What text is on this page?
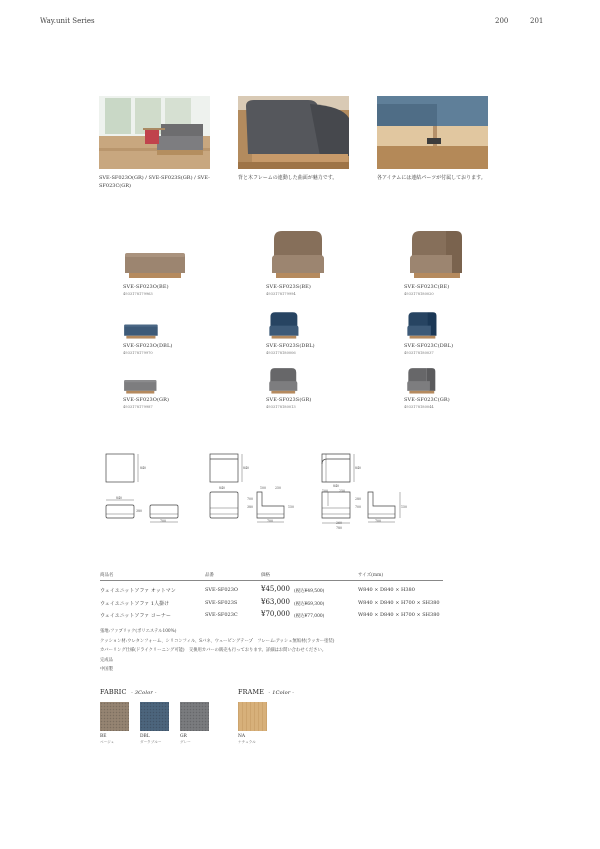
Way.unit Series	200	201
SVE-SF023O(GR) / SVE-SF023S(GR) / SVE-SF023C(GR)
背と木フレームの連動した曲面が魅力です。	各アイテムには連結パーツが付属しております。
SVE-SF023O(BE)
4933178179963
SVE-SF023S(BE)
4933178179994
SVE-SF023C(BE)
4933178180020
SVE-SF023O(DBL)
4933178179970
SVE-SF023S(DBL)
4933178180006
SVE-SF023C(DBL)
4933178180037
SVE-SF023O(GR)
4933178179987
SVE-SF023S(GR)
4933178180013
SVE-SF023C(GR)
4933178180044
840
840
380
700
840
840	100	250
380
700
150
700
840
840
100	250
280
700	150
700
260
780
商品名	品番	価格	サイズ(mm)
ウェイユニットソファ オットマン	SVE-SF023O	¥45,000 (税込¥49,500)	W840 × D840 × H380
ウェイユニットソファ 1人掛け	SVE-SF023S	¥63,000 (税込¥69,300)	W840 × D840 × H700 × SH380
ウェイユニットソファ コーナー	SVE-SF023C	¥70,000 (税込¥77,000)	W840 × D840 × H700 × SH380
張地:ファブリック(ポリエステル100%)
クッション材:ウレタンフォーム、シリコンフィル、Sバネ、ウェービングテープ　フレーム:アッシュ無垢材(ラッカー塗装)
カバーリング仕様(ドライクリーニング可能)　交換用カバーの販売も行っております。詳細はお問い合わせください。
完成品
中国製
FABRIC - 3Color -	FRAME - 1Color -
BE
ベージュ
DBL
ダークブルー
GR
グレー
NA
ナチュラル
